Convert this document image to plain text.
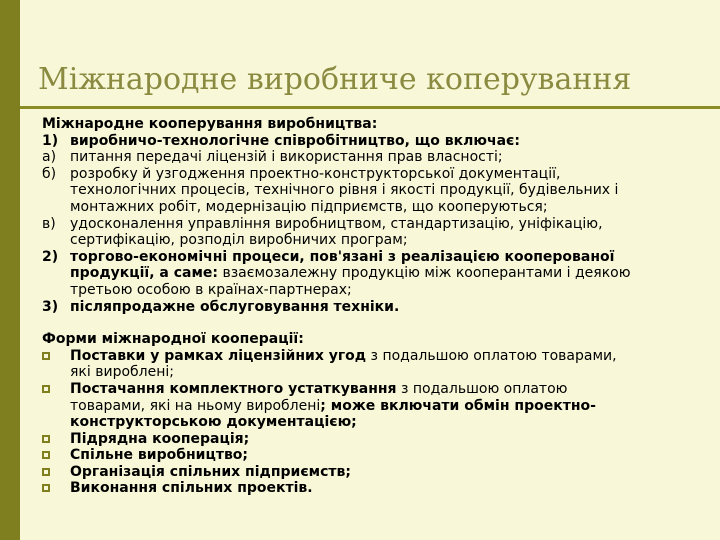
Міжнародне виробниче коперування
Міжнародне кооперування виробництва:
1) виробничо-технологічне співробітництво, що включає:
а) питання передачі ліцензій і використання прав власності;
б) розробку й узгодження проектно-конструкторської документації,
технологічних процесів, технічного рівня і якості продукції, будівельних і
монтажних робіт, модернізацію підприємств, що кооперуються;
в)	удосконалення управління виробництвом, стандартизацію, уніфікацію,
сертифікацію, розподіл виробничих програм;
2) торгово-економічні процеси, пов'язані з реалізацією кооперованої
продукції, а саме: взаємозалежну продукцію між кооперантами і деякою
третьою особою в країнах-партнерах;
3) післяпродажне обслуговування техніки.
Форми міжнародної кооперації:
Поставки у рамках ліцензійних угод з подальшою оплатою товарами,
які вироблені;
Постачання комплектного устаткування з подальшою оплатою
товарами, які на ньому вироблені; може включати обмін проектно-
конструкторською документацією;
Підрядна кооперація;
Спільне виробництво;
Організація спільних підприємств;
Виконання спільних проектів.
